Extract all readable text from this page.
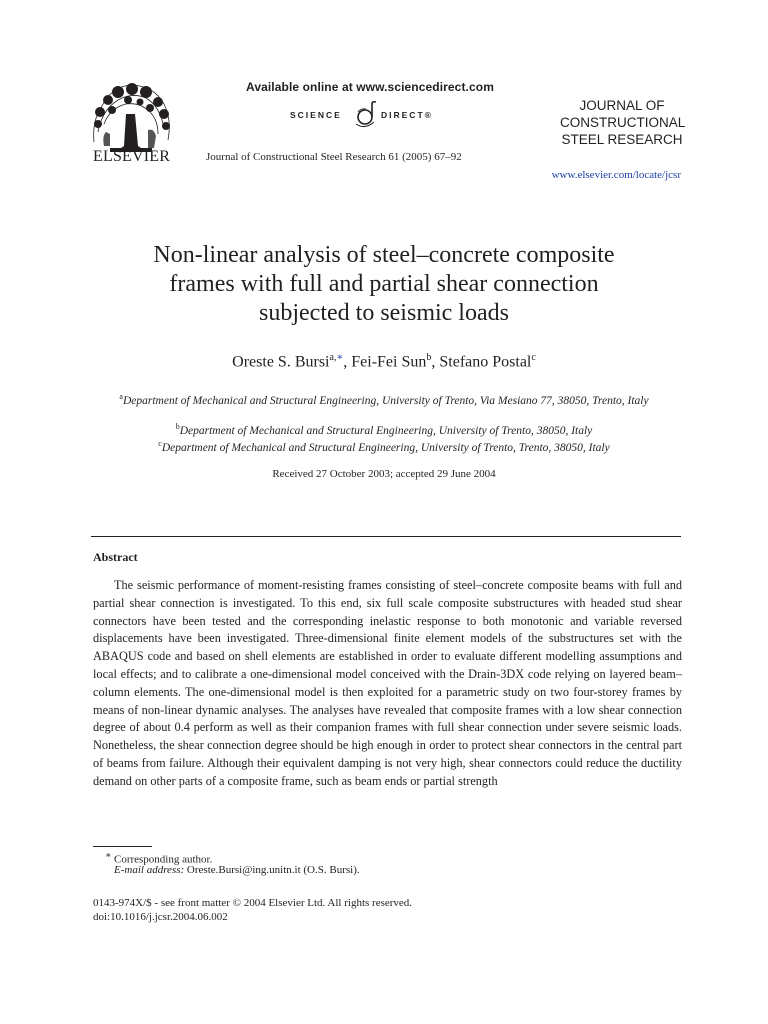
ELSEVIER
Available online at www.sciencedirect.com
SCIENCE	DIRECT®
Journal of Constructional Steel Research 61 (2005) 67–92
JOURNAL OF
CONSTRUCTIONAL
STEEL RESEARCH
www.elsevier.com/locate/jcsr
Non-linear analysis of steel–concrete composite
frames with full and partial shear connection
subjected to seismic loads
Oreste S. Bursi$^{a,∗}$, Fei-Fei Sun$^b$, Stefano Postal$^c$
$^a$Department of Mechanical and Structural Engineering, University of Trento, Via Mesiano 77, 38050, Trento, Italy
$^b$Department of Mechanical and Structural Engineering, University of Trento, 38050, Italy
$^c$Department of Mechanical and Structural Engineering, University of Trento, Trento, 38050, Italy
Received 27 October 2003; accepted 29 June 2004
Abstract

The seismic performance of moment-resisting frames consisting of steel–concrete composite beams with full and partial shear connection is investigated. To this end, six full scale composite substructures with headed stud shear connectors have been tested and the corresponding inelastic response to both monotonic and variable reversed displacements have been investigated. Three-dimensional finite element models of the substructures set with the ABAQUS code and based on shell elements are established in order to evaluate different modelling assumptions and local effects; and to calibrate a one-dimensional model conceived with the Drain-3DX code relying on layered beam–column elements. The one-dimensional model is then exploited for a parametric study on two four-storey frames by means of non-linear dynamic analyses. The analyses have revealed that composite frames with a low shear connection degree of about 0.4 perform as well as their companion frames with full shear connection under severe seismic loads. Nonetheless, the shear connection degree should be high enough in order to protect shear connectors in the central part of beams from failure. Although their equivalent damping is not very high, shear connectors could reduce the ductility demand on other parts of a composite frame, such as beam ends or partial strength

∗ Corresponding author.
E-mail address: Oreste.Bursi@ing.unitn.it (O.S. Bursi).
0143-974X/$ - see front matter © 2004 Elsevier Ltd. All rights reserved.
doi:10.1016/j.jcsr.2004.06.002
